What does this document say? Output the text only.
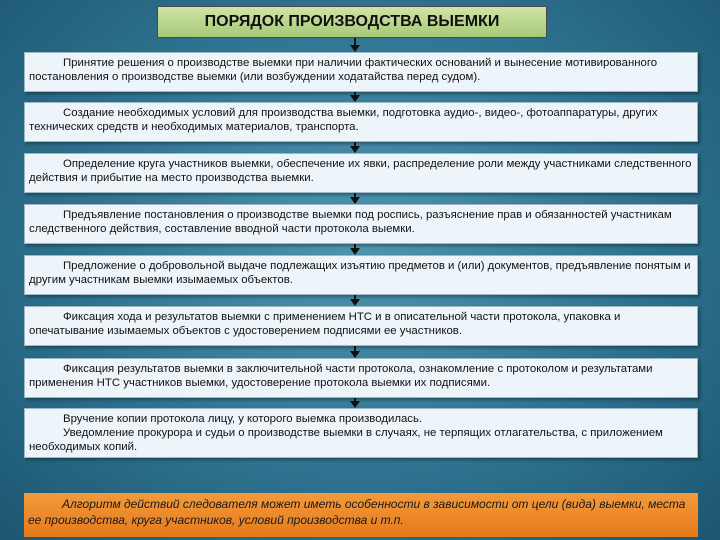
ПОРЯДОК ПРОИЗВОДСТВА ВЫЕМКИ
Принятие решения о производстве выемки при наличии фактических оснований и вынесение мотивированного постановления о производстве выемки (или возбуждении ходатайства перед судом).
Создание необходимых условий для производства выемки, подготовка аудио-, видео-, фотоаппаратуры, других технических средств и необходимых материалов, транспорта.
Определение круга участников выемки, обеспечение их явки, распределение роли между участниками следственного действия и прибытие на место производства выемки.
Предъявление постановления о производстве выемки под роспись, разъяснение прав и обязанностей участникам следственного действия, составление вводной части протокола выемки.
Предложение о добровольной выдаче подлежащих изъятию предметов и (или) документов, предъявление понятым и другим участникам выемки изымаемых объектов.
Фиксация хода и результатов выемки с применением НТС и в описательной части протокола, упаковка и опечатывание изымаемых объектов с удостоверением подписями ее участников.
Фиксация результатов выемки в заключительной части протокола, ознакомление с протоколом и результатами применения НТС участников выемки, удостоверение протокола выемки их подписями.
Вручение копии протокола лицу, у которого выемка производилась.
Уведомление прокурора и судьи о производстве выемки в случаях, не терпящих отлагательства, с приложением необходимых копий.
Алгоритм действий следователя может иметь особенности в зависимости от цели (вида) выемки, места ее производства, круга участников, условий производства и т.п.
